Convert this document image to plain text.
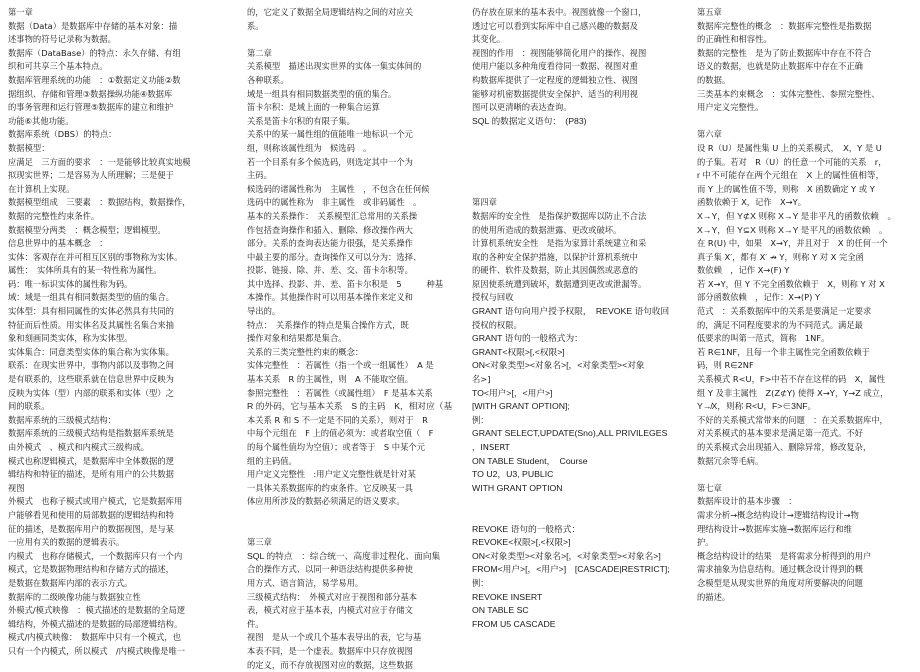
第一章

数据（Data）是数据库中存储的基本对象：描

述事物的符号记录称为数据。

数据库（DataBase）的特点：永久存储、有组

织和可共享三个基本特点。

数据库管理系统的功能　：①数据定义功能②数

据组织、存储和管理③数据操纵功能④数据库

的事务管理和运行管理⑤数据库的建立和维护

功能⑥其他功能。

数据库系统（DBS）的特点：

数据模型：

应满足　三方面的要求　：一是能够比较真实地模

拟现实世界；二是容易为人所理解；三是便于

在计算机上实现。

数据模型组成　三要素　：数据结构，数据操作，

数据的完整性约束条件。

数据模型分两类　：概念模型；逻辑模型。

信息世界中的基本概念　：

实体：客观存在并可相互区别的事物称为实体。

属性：　实体所具有的某一特性称为属性。

码：唯一标识实体的属性称为码。

域：域是一组具有相同数据类型的值的集合。

实体型：具有相同属性的实体必然具有共同的

特征而后性质。用实体名及其属性名集合来抽

象和刻画同类实体，称为实体型。

实体集合：同意类型实体的集合称为实体集。

联系：在现实世界中，事物内部以及事物之间

是有联系的，这些联系就在信息世界中反映为

反映为实体（型）内部的联系和实体（型）之

间的联系。

数据库系统的三级模式结构：

数据库系统的三级模式结构是指数据库系统是

由外模式　、模式和内模式三级构成。

模式也称逻辑模式，是数据库中全体数据的逻

辑结构和特征的描述，是所有用户的公共数据

视图

外模式　也称子模式或用户模式，它是数据库用

户能够看见和使用的局部数据的逻辑结构和特

征的描述，是数据库用户的数据视图，是与某

一应用有关的数据的逻辑表示。

内模式　也称存储模式，一个数据库只有一个内

模式，它是数据物理结构和存储方式的描述，

是数据在数据库内部的表示方式。

数据库的二级映像功能与数据独立性

外模式/模式映像　：模式描述的是数据的全局逻

辑结构，外模式描述的是数据的局部逻辑结构。

模式/内模式映像：　数据库中只有一个模式，也

只有一个内模式，所以模式　/内模式映像是唯一

的，它定义了数据全局逻辑结构之间的对应关

系。

第二章

关系模型　描述出现实世界的实体一集实体间的

各种联系。

域是一组具有相同数据类型的值的集合。

笛卡尔积：是域上面的一种集合运算

关系是笛卡尔积的有限子集。

关系中的某一属性组的值能唯一地标识一个元

组，则称该属性组为　候选码　。

若一个目系有多个候选码，则选定其中一个为

主码。

候选码的诸属性称为　主属性　，不包含在任何候

选码中的属性称为　非主属性　或非码属性　。

基本的关系操作：　关系模型汇总常用的关系操

作包括查询操作和插入、删除、修改操作两大

部分。关系的查询表达能力很强，是关系操作

中最主要的部分。查询操作又可以分为：选择、

投影、链接、除、并、差、交、笛卡尔积等。

其中选择、投影、并、差、笛卡尔积是　5　　　种基

本操作。其他操作时可以用基本操作来定义和

导出的。

特点：　关系操作的特点是集合操作方式，既

操作对象和结果都是集合。

关系的三类完整性约束的概念：

实体完整性　：若属性（指一个或一组属性）　A 是

基本关系　R 的主属性，则　A 不能取空值。

参照完整性　：若属性（或属性组）　F 是基本关系

R 的外码，它与基本关系　S 的主码　K，相对应（基

本关系 R 和 S 不一定是不同的关系），则对于　R

中每个元组在　F 上的值必须为：或者取空值（　F

的每个属性值均为空值）；或者等于　S 中某个元

组的主码值。

用户定义完整性　:用户定义完整性就是针对某

一具体关系数据库的约束条件。它反映某一具

体应用所涉及的数据必须满足的语义要求。

第三章

SQL 的特点　：综合统一、高度非过程化、面向集

合的操作方式、以同一种语法结构提供多种使

用方式、语言简洁，易学易用。

三级模式结构：　外模式对应于视图和部分基本

表，模式对应于基本表，内模式对应于存储文

件。

视图　是从一个或几个基本表导出的表，它与基

本表不同，是一个虚表。数据库中只存放视图

的定义，而不存放视图对应的数据，这些数据

仍存放在原来的基本表中。视图就像一个窗口，

透过它可以看到实际库中自己感兴趣的数据及

其变化。

视图的作用　：视图能够简化用户的操作、视图

使用户能以多种角度看待同一数据、视图对重

构数据库提供了一定程度的逻辑独立性、视图

能够对机密数据提供安全保护、适当的利用视

图可以更清晰的表达查询。

SQL 的数据定义语句：　(P83)

第四章

数据库的安全性　是指保护数据库以防止不合法

的使用所造成的数据泄露、更改或破坏。

计算机系统安全性　是指为家算计系统建立和采

取的各种安全保护措施，以保护计算机系统中

的硬件、软件及数据，防止其因偶然或恶意的

原因使系统遭到破坏，数据遭到更改或泄漏等。

授权与回收

GRANT 语句向用户授予权限，　REVOKE 语句收回

授权的权限。

GRANT 语句的一般格式为：

GRANT<权限>[,<权限>]

ON<对象类型><对象名>[，<对象类型><对象

名>]

TO<用户>[，<用户>]

[WITH GRANT OPTION];

例：

GRANT SELECT,UPDATE(Sno),ALL PRIVILEGES

，INSERT

ON TABLE Student，　Course

TO U2，U3, PUBLIC

WITH GRANT OPTION

REVOKE 语句的一般格式：

REVOKE<权限>[,<权限>]

ON<对象类型><对象名>[，<对象类型><对象名>]

FROM<用户>[，<用户>]　[CASCADE|RESTRICT];

例：

REVOKE INSERT

ON TABLE SC

FROM U5 CASCADE

第五章

数据库完整性的概念　：数据库完整性是指数据

的正确性和相容性。

数据的完整性　是为了防止数据库中存在不符合

语义的数据，也就是防止数据库中存在不正确

的数据。

三类基本约束概念　：实体完整性、参照完整性、

用户定义完整性。

第六章

设 R（U）是属性集 U 上的关系模式，　X，Y 是 U

的子集。若对　R（U）的任意一个可能的关系　r，

r 中不可能存在两个元组在　X 上的属性值相等，

而 Y 上的属性值不等，则称　X 函数确定 Y 或 Y

函数依赖于 X，记作　X→Y。

X→Y，但 Y⊄X 则称 X→Y 是非平凡的函数依赖　。

X→Y，但 Y⊆X 则称 X→Y 是平凡的函数依赖　。

在 R(U) 中，如果　X→Y，并且对于　X 的任何一个

真子集 X′，都有 X′ ↛ Y，则称 Y 对 X 完全函

数依赖　，记作 X→(F) Y

若 X→Y，但 Y 不完全函数依赖于　X，则称 Y 对 X

部分函数依赖　，记作：X→(P) Y

范式　：关系数据库中的关系是要满足一定要求

的，满足不同程度要求的为不同范式。满足最

低要求的叫第一范式，简称　1NF。

若 R∈1NF，且每一个非主属性完全函数依赖于

码，则 R∈2NF

关系模式 R<U，F>中若不存在这样的码　X，属性

组 Y 及非主属性　Z(Z⊄Y) 使得 X→Y，Y→Z 成立，

Y↛X，则称 R<U，F>∈3NF。

不好的关系模式常带来的问题　：在关系数据库中，

对关系模式的基本要求是满足第一范式。不好

的关系模式会出现插入、删除异常，修改复杂，

数据冗余等毛病。

第七章

数据库设计的基本步骤　：

需求分析→概念结构设计→逻辑结构设计→物

理结构设计→数据库实施→数据库运行和维

护。

概念结构设计的结果　是将需求分析得到的用户

需求抽象为信息结构。通过概念设计得到的概

念模型是从现实世界的角度对所要解决的问题

的描述。
